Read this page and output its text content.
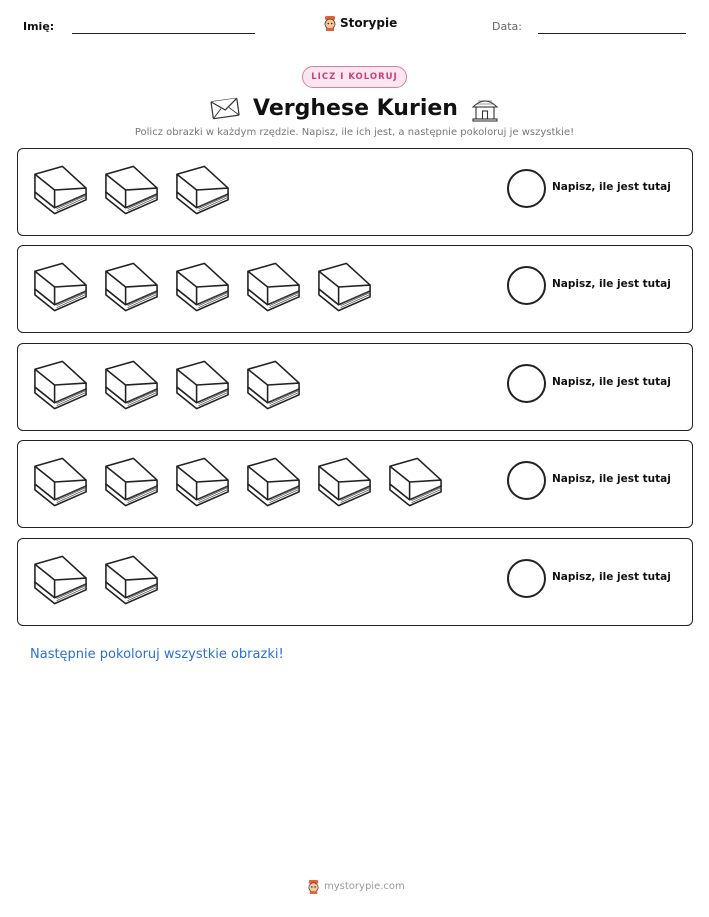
Imię:	Storypie	Data:
LICZ I KOLORUJ
Verghese Kurien
Policz obrazki w każdym rzędzie. Napisz, ile ich jest, a następnie pokoloruj je wszystkie!
Napisz, ile jest tutaj
Napisz, ile jest tutaj
Napisz, ile jest tutaj
Napisz, ile jest tutaj
Napisz, ile jest tutaj
Następnie pokoloruj wszystkie obrazki!
mystorypie.com
